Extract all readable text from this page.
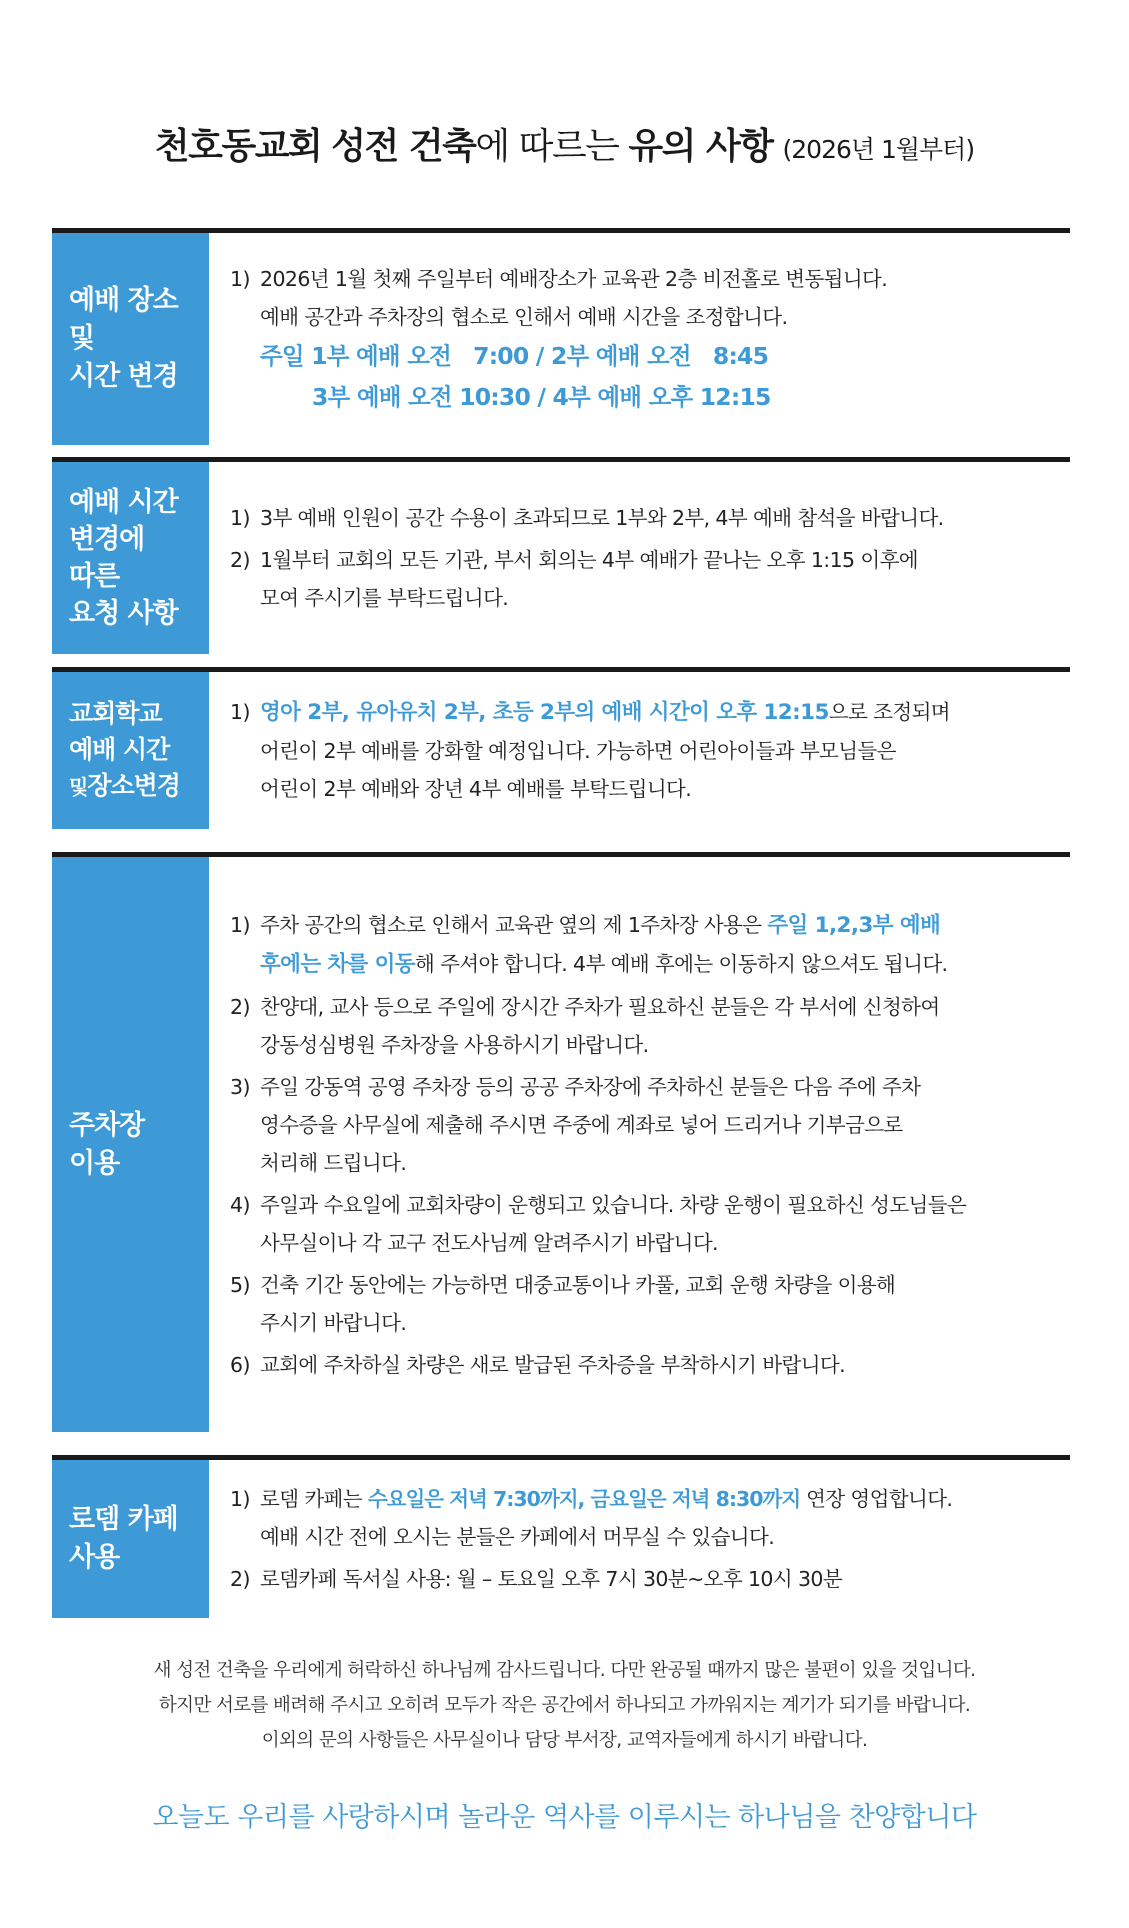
천호동교회 성전 건축에 따르는 유의 사항 (2026년 1월부터)
예배 장소
및
시간 변경
1) 2026년 1월 첫째 주일부터 예배장소가 교육관 2층 비전홀로 변동됩니다.
예배 공간과 주차장의 협소로 인해서 예배 시간을 조정합니다.
주일 1부 예배 오전   7:00 / 2부 예배 오전   8:45
3부 예배 오전 10:30 / 4부 예배 오후 12:15
예배 시간
변경에
따른
요청 사항
1) 3부 예배 인원이 공간 수용이 초과되므로 1부와 2부, 4부 예배 참석을 바랍니다.
2) 1월부터 교회의 모든 기관, 부서 회의는 4부 예배가 끝나는 오후 1:15 이후에
모여 주시기를 부탁드립니다.
교회학교
예배 시간
및장소변경
1) 영아 2부, 유아유치 2부, 초등 2부의 예배 시간이 오후 12:15으로 조정되며
어린이 2부 예배를 강화할 예정입니다. 가능하면 어린아이들과 부모님들은
어린이 2부 예배와 장년 4부 예배를 부탁드립니다.
주차장
이용
1) 주차 공간의 협소로 인해서 교육관 옆의 제 1주차장 사용은 주일 1,2,3부 예배
후에는 차를 이동해 주셔야 합니다. 4부 예배 후에는 이동하지 않으셔도 됩니다.
2) 찬양대, 교사 등으로 주일에 장시간 주차가 필요하신 분들은 각 부서에 신청하여
강동성심병원 주차장을 사용하시기 바랍니다.
3) 주일 강동역 공영 주차장 등의 공공 주차장에 주차하신 분들은 다음 주에 주차
영수증을 사무실에 제출해 주시면 주중에 계좌로 넣어 드리거나 기부금으로
처리해 드립니다.
4) 주일과 수요일에 교회차량이 운행되고 있습니다. 차량 운행이 필요하신 성도님들은
사무실이나 각 교구 전도사님께 알려주시기 바랍니다.
5) 건축 기간 동안에는 가능하면 대중교통이나 카풀, 교회 운행 차량을 이용해
주시기 바랍니다.
6) 교회에 주차하실 차량은 새로 발급된 주차증을 부착하시기 바랍니다.
로뎀 카페
사용
1) 로뎀 카페는 수요일은 저녁 7:30까지, 금요일은 저녁 8:30까지 연장 영업합니다.
예배 시간 전에 오시는 분들은 카페에서 머무실 수 있습니다.
2) 로뎀카페 독서실 사용: 월 – 토요일 오후 7시 30분~오후 10시 30분
새 성전 건축을 우리에게 허락하신 하나님께 감사드립니다. 다만 완공될 때까지 많은 불편이 있을 것입니다.
하지만 서로를 배려해 주시고 오히려 모두가 작은 공간에서 하나되고 가까워지는 계기가 되기를 바랍니다.
이외의 문의 사항들은 사무실이나 담당 부서장, 교역자들에게 하시기 바랍니다.
오늘도 우리를 사랑하시며 놀라운 역사를 이루시는 하나님을 찬양합니다
